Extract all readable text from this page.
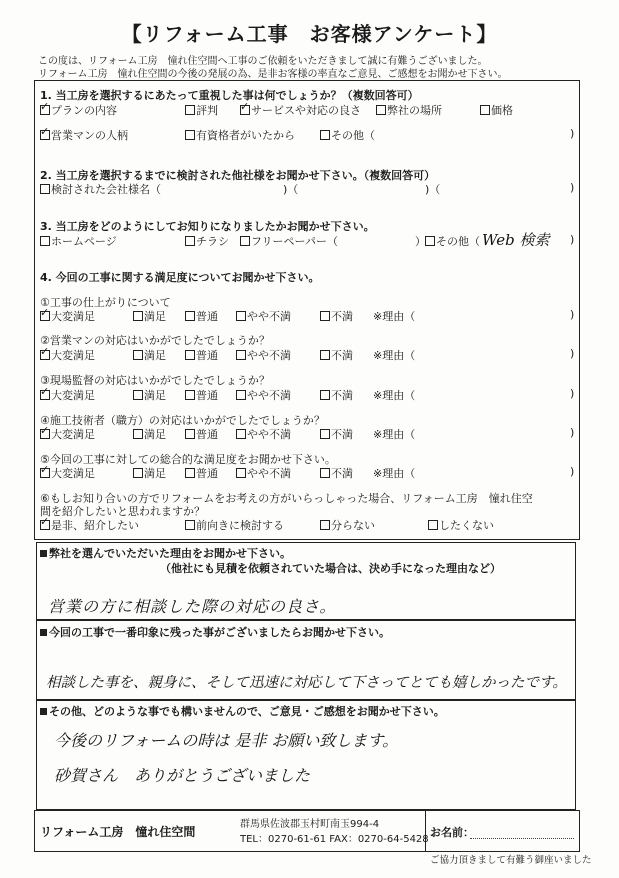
【リフォーム工事　お客様アンケート】
この度は、リフォーム工房　憧れ住空間へ工事のご依頼をいただきまして誠に有難うございました。
リフォーム工房　憧れ住空間の今後の発展の為、是非お客様の率直なご意見、ご感想をお聞かせ下さい。
1. 当工房を選択するにあたって重視した事は何でしょうか？（複数回答可）
✓プランの内容	評判
✓	サービスや対応の良さ	弊社の場所	価格
✓営業マンの人柄	有資格者がいたから	その他（	)
2. 当工房を選択するまでに検討された他社様をお聞かせ下さい。（複数回答可）
検討された会社様名（	)（	)（	)
3. 当工房をどのようにしてお知りになりましたかお聞かせ下さい。
ホームページ	チラシ	フリーペーパー（	） その他（ Web 検索 )
4. 今回の工事に関する満足度についてお聞かせ下さい。
①工事の仕上がりについて
✓大変満足	満足	普通	やや不満	不満 ※理由（	)
②営業マンの対応はいかがでしたでしょうか？
✓大変満足	満足	普通	やや不満	不満 ※理由（	)
③現場監督の対応はいかがでしたでしょうか？
✓大変満足	満足	普通	やや不満	不満 ※理由（	)
④施工技術者（職方）の対応はいかがでしたでしょうか？
✓大変満足	満足	普通	やや不満	不満 ※理由（	)
⑤今回の工事に対しての総合的な満足度をお聞かせ下さい。
✓大変満足	満足	普通	やや不満	不満 ※理由（	)
⑥もしお知り合いの方でリフォームをお考えの方がいらっしゃった場合、リフォーム工房　憧れ住空
間を紹介したいと思われますか？
✓是非、紹介したい	前向きに検討する	分らない	したくない
弊社を選んでいただいた理由をお聞かせ下さい。
（他社にも見積を依頼されていた場合は、決め手になった理由など）
営業の方に相談した際の対応の良さ。
今回の工事で一番印象に残った事がございましたらお聞かせ下さい。
相談した事を、親身に、そして迅速に対応して下さってとても嬉しかったです。
その他、どのような事でも構いませんので、ご意見・ご感想をお聞かせ下さい。
今後のリフォームの時は 是非 お願い致します。
砂賀さん　ありがとうございました
リフォーム工房　憧れ住空間
群馬県佐波郡玉村町南玉994-4
TEL：0270-61-61 FAX：0270-64-5428
お名前：
ご協力頂きまして有難う御座いました
